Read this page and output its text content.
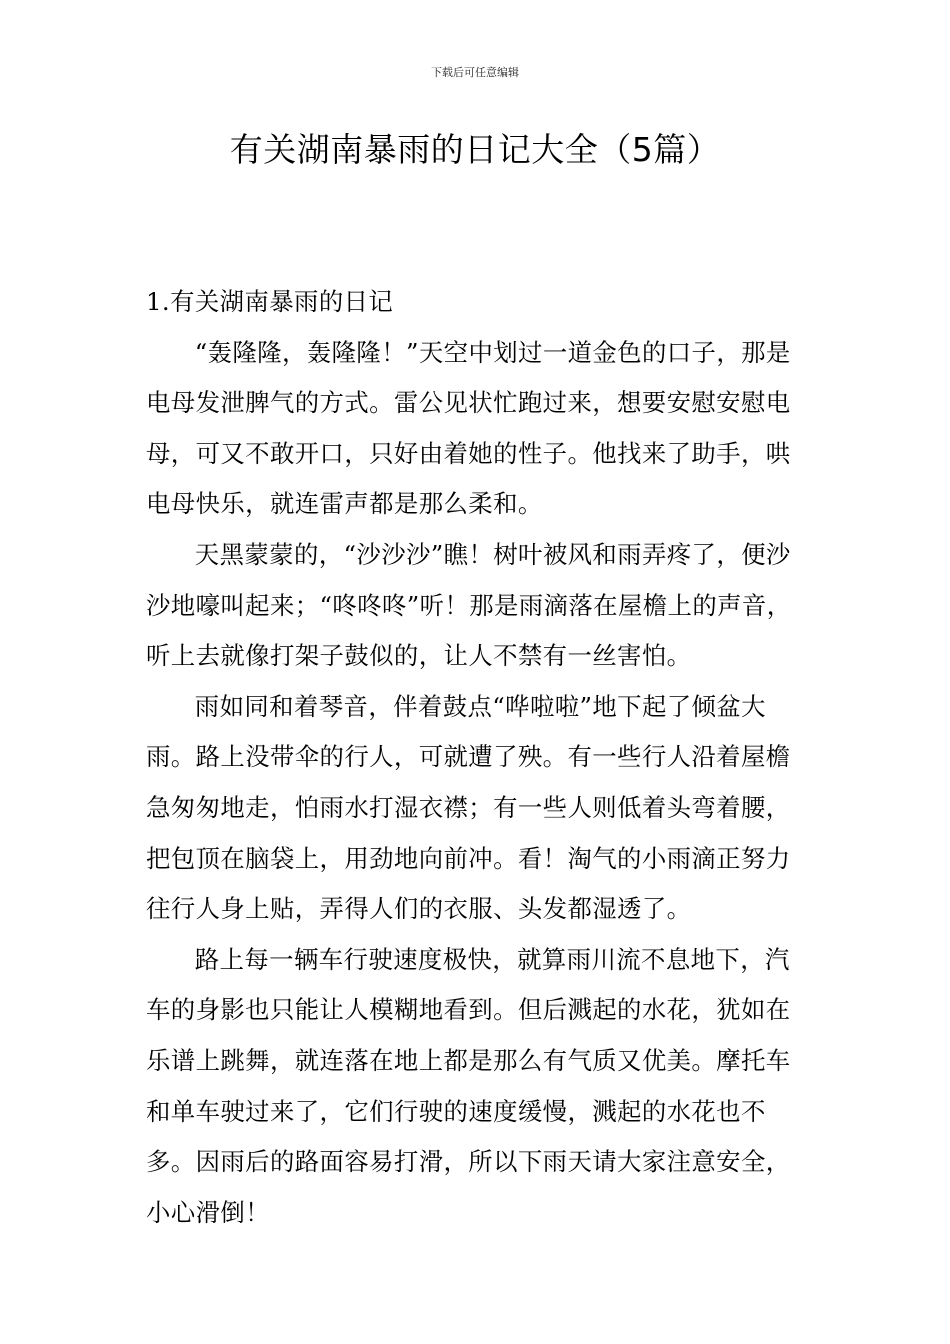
下载后可任意编辑
有关湖南暴雨的日记大全（5篇）
1.有关湖南暴雨的日记

“轰隆隆，轰隆隆！”天空中划过一道金色的口子，那是电母发泄脾气的方式。雷公见状忙跑过来，想要安慰安慰电母，可又不敢开口，只好由着她的性子。他找来了助手，哄电母快乐，就连雷声都是那么柔和。

天黑蒙蒙的，“沙沙沙”瞧！树叶被风和雨弄疼了，便沙沙地嚎叫起来；“咚咚咚”听！那是雨滴落在屋檐上的声音，听上去就像打架子鼓似的，让人不禁有一丝害怕。

雨如同和着琴音，伴着鼓点“哗啦啦”地下起了倾盆大雨。路上没带伞的行人，可就遭了殃。有一些行人沿着屋檐急匆匆地走，怕雨水打湿衣襟；有一些人则低着头弯着腰，把包顶在脑袋上，用劲地向前冲。看！淘气的小雨滴正努力往行人身上贴，弄得人们的衣服、头发都湿透了。

路上每一辆车行驶速度极快，就算雨川流不息地下，汽车的身影也只能让人模糊地看到。但后溅起的水花，犹如在乐谱上跳舞，就连落在地上都是那么有气质又优美。摩托车和单车驶过来了，它们行驶的速度缓慢，溅起的水花也不多。因雨后的路面容易打滑，所以下雨天请大家注意安全，小心滑倒！
